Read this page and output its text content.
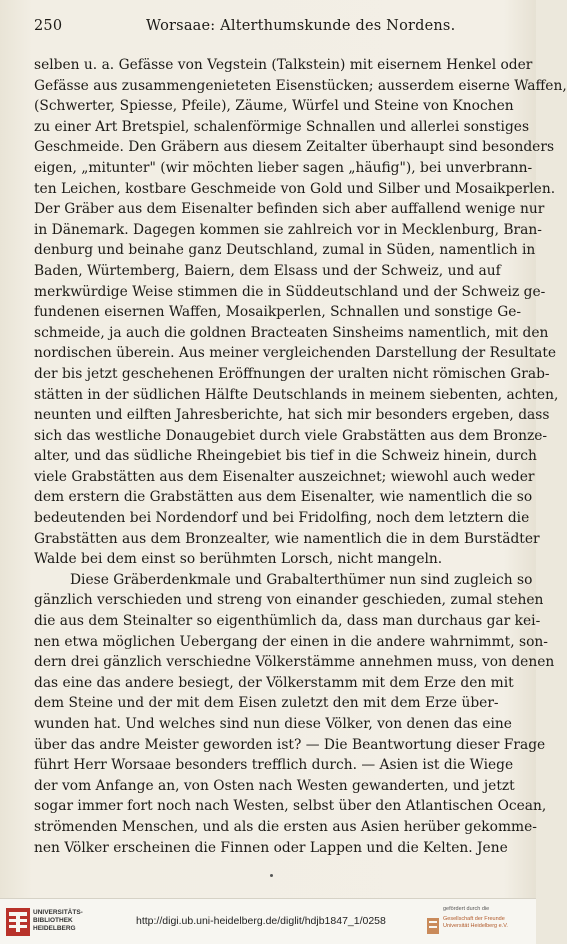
250	Worsaae: Alterthumskunde des Nordens.
selben u. a. Gefässe von Vegstein (Talkstein) mit eisernem Henkel oder
Gefässe aus zusammengenieteten Eisenstücken; ausserdem eiserne Waffen,
(Schwerter, Spiesse, Pfeile), Zäume, Würfel und Steine von Knochen
zu einer Art Bretspiel, schalenförmige Schnallen und allerlei sonstiges
Geschmeide. Den Gräbern aus diesem Zeitalter überhaupt sind besonders
eigen, „mitunter" (wir möchten lieber sagen „häufig"), bei unverbrann-
ten Leichen, kostbare Geschmeide von Gold und Silber und Mosaikperlen.
Der Gräber aus dem Eisenalter befinden sich aber auffallend wenige nur
in Dänemark. Dagegen kommen sie zahlreich vor in Mecklenburg, Bran-
denburg und beinahe ganz Deutschland, zumal in Süden, namentlich in
Baden, Würtemberg, Baiern, dem Elsass und der Schweiz, und auf
merkwürdige Weise stimmen die in Süddeutschland und der Schweiz ge-
fundenen eisernen Waffen, Mosaikperlen, Schnallen und sonstige Ge-
schmeide, ja auch die goldnen Bracteaten Sinsheims namentlich, mit den
nordischen überein. Aus meiner vergleichenden Darstellung der Resultate
der bis jetzt geschehenen Eröffnungen der uralten nicht römischen Grab-
stätten in der südlichen Hälfte Deutschlands in meinem siebenten, achten,
neunten und eilften Jahresberichte, hat sich mir besonders ergeben, dass
sich das westliche Donaugebiet durch viele Grabstätten aus dem Bronze-
alter, und das südliche Rheingebiet bis tief in die Schweiz hinein, durch
viele Grabstätten aus dem Eisenalter auszeichnet; wiewohl auch weder
dem erstern die Grabstätten aus dem Eisenalter, wie namentlich die so
bedeutenden bei Nordendorf und bei Fridolfing, noch dem letztern die
Grabstätten aus dem Bronzealter, wie namentlich die in dem Burstädter
Walde bei dem einst so berühmten Lorsch, nicht mangeln.
Diese Gräberdenkmale und Grabalterthümer nun sind zugleich so
gänzlich verschieden und streng von einander geschieden, zumal stehen
die aus dem Steinalter so eigenthümlich da, dass man durchaus gar kei-
nen etwa möglichen Uebergang der einen in die andere wahrnimmt, son-
dern drei gänzlich verschiedne Völkerstämme annehmen muss, von denen
das eine das andere besiegt, der Völkerstamm mit dem Erze den mit
dem Steine und der mit dem Eisen zuletzt den mit dem Erze über-
wunden hat. Und welches sind nun diese Völker, von denen das eine
über das andre Meister geworden ist? — Die Beantwortung dieser Frage
führt Herr Worsaae besonders trefflich durch. — Asien ist die Wiege
der vom Anfange an, von Osten nach Westen gewanderten, und jetzt
sogar immer fort noch nach Westen, selbst über den Atlantischen Ocean,
strömenden Menschen, und als die ersten aus Asien herüber gekomme-
nen Völker erscheinen die Finnen oder Lappen und die Kelten. Jene
UNIVERSITÄTS-
BIBLIOTHEK
HEIDELBERG
http://digi.ub.uni-heidelberg.de/diglit/hdjb1847_1/0258
gefördert durch die
Gesellschaft der Freunde
Universität Heidelberg e.V.
